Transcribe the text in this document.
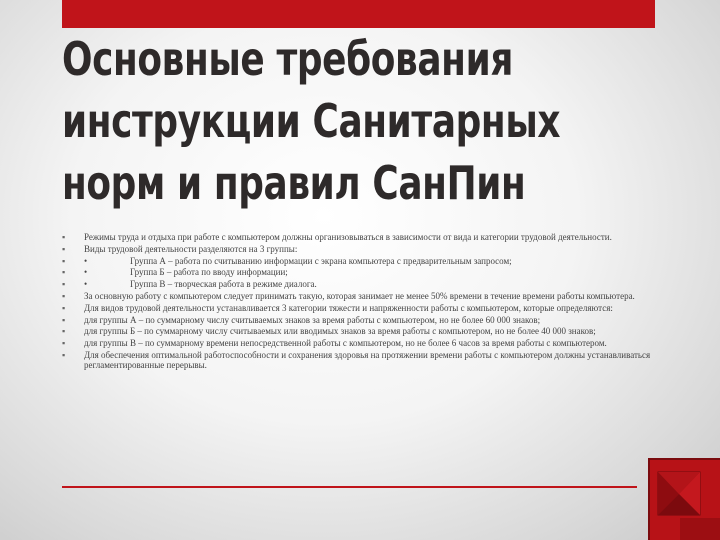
Основные требования
инструкции Санитарных
норм и правил СанПин
▪ Режимы труда и отдыха при работе с компьютером должны организовываться в зависимости от вида и категории трудовой деятельности.
▪ Виды трудовой деятельности разделяются на 3 группы:
▪ •	Группа А – работа по считыванию информации с экрана компьютера с предварительным запросом;
▪ •	Группа Б – работа по вводу информации;
▪ •	Группа В – творческая работа в режиме диалога.
▪ За основную работу с компьютером следует принимать такую, которая занимает не менее 50% времени в течение времени работы компьютера.
▪ Для видов трудовой деятельности устанавливается 3 категории тяжести и напряженности работы с компьютером, которые определяются:
▪ для группы А – по суммарному числу считываемых знаков за время работы с компьютером, но не более 60 000 знаков;
▪ для группы Б – по суммарному числу считываемых или вводимых знаков за время работы с компьютером, но не более 40 000 знаков;
▪ для группы В – по суммарному времени непосредственной работы с компьютером, но не более 6 часов за время работы с компьютером.
▪ Для обеспечения оптимальной работоспособности и сохранения здоровья на протяжении времени работы с компьютером должны устанавливаться регламентированные перерывы.
